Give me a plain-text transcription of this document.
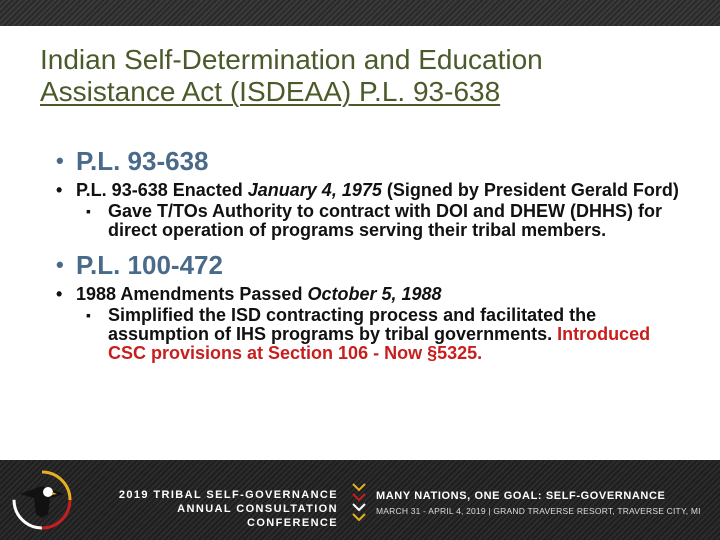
Indian Self-Determination and Education
Assistance Act (ISDEAA) P.L. 93-638
• P.L. 93-638
• P.L. 93-638 Enacted January 4, 1975 (Signed by President Gerald Ford)
▪ Gave T/TOs Authority to contract with DOI and DHEW (DHHS) for direct operation of programs serving their tribal members.
• P.L. 100-472
• 1988 Amendments Passed October 5, 1988
▪ Simplified the ISD contracting process and facilitated the assumption of IHS programs by tribal governments. Introduced CSC provisions at Section 106 - Now §5325.
2019 TRIBAL SELF-GOVERNANCE
ANNUAL CONSULTATION CONFERENCE
MANY NATIONS, ONE GOAL: SELF-GOVERNANCE
MARCH 31 - APRIL 4, 2019 | GRAND TRAVERSE RESORT, TRAVERSE CITY, MI
